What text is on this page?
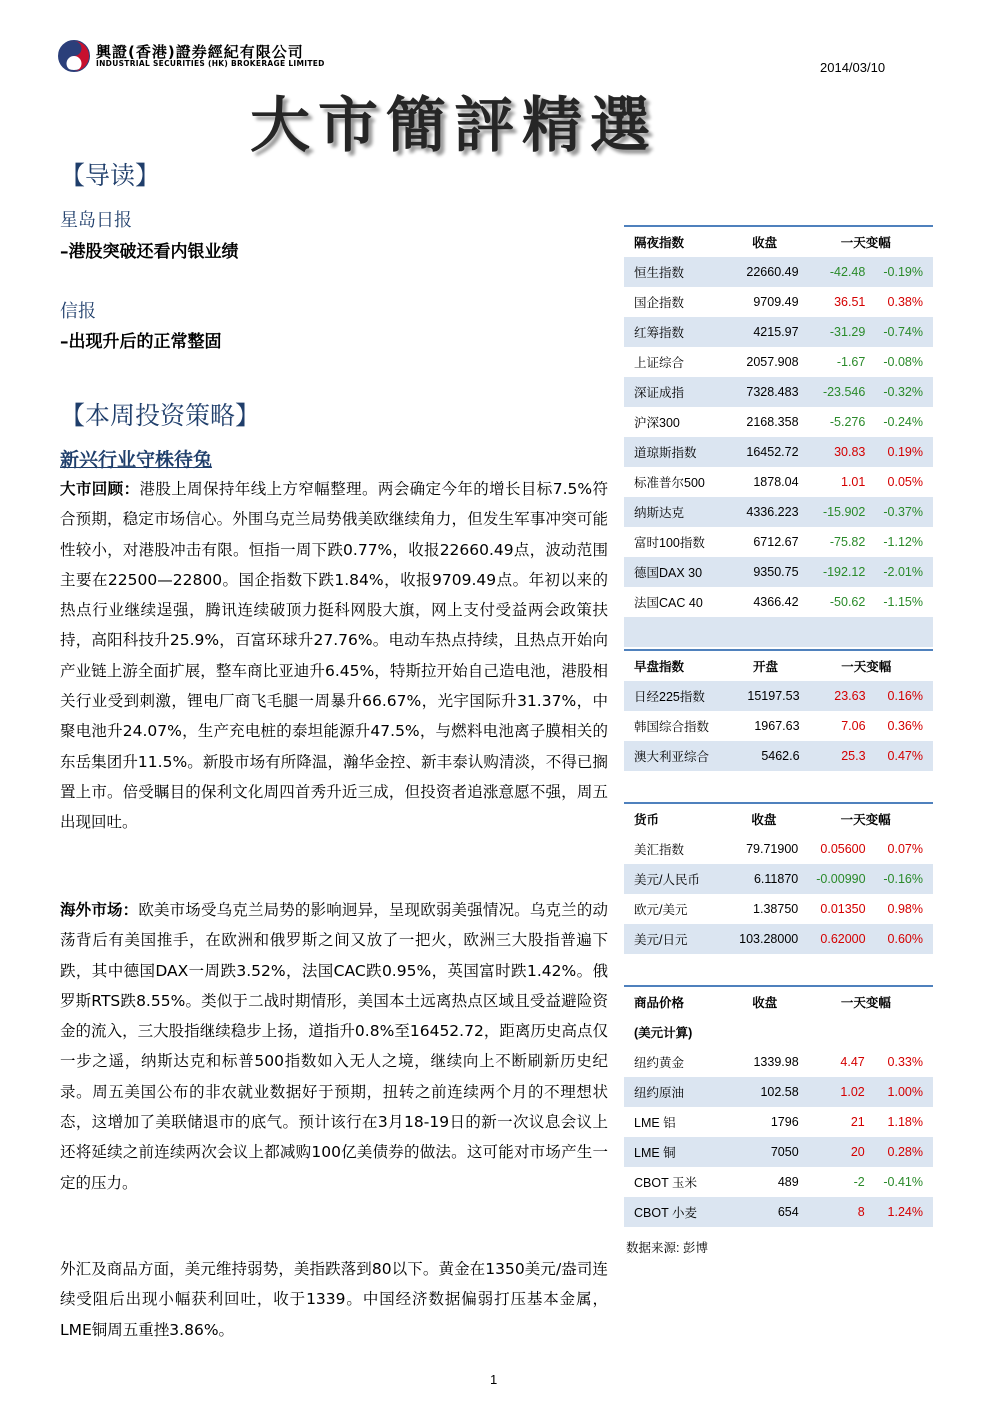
興證(香港)證券經紀有限公司
INDUSTRIAL SECURITIES (HK) BROKERAGE LIMITED	2014/03/10
大市簡評精選
【导读】
星岛日报
–港股突破还看内银业绩
信报
–出现升后的正常整固
【本周投资策略】
新兴行业守株待兔
大市回顾：港股上周保持年线上方窄幅整理。两会确定今年的增长目标7.5%符合预期，稳定市场信心。外围乌克兰局势俄美欧继续角力，但发生军事冲突可能性较小，对港股冲击有限。恒指一周下跌0.77%，收报22660.49点，波动范围主要在22500—22800。国企指数下跌1.84%，收报9709.49点。年初以来的热点行业继续逞强，腾讯连续破顶力挺科网股大旗，网上支付受益两会政策扶持，高阳科技升25.9%，百富环球升27.76%。电动车热点持续，且热点开始向产业链上游全面扩展，整车商比亚迪升6.45%，特斯拉开始自己造电池，港股相关行业受到刺激，锂电厂商飞毛腿一周暴升66.67%，光宇国际升31.37%，中聚电池升24.07%，生产充电桩的泰坦能源升47.5%，与燃料电池离子膜相关的东岳集团升11.5%。新股市场有所降温，瀚华金控、新丰泰认购清淡，不得已搁置上市。倍受瞩目的保利文化周四首秀升近三成，但投资者追涨意愿不强，周五出现回吐。
海外市场：欧美市场受乌克兰局势的影响迥异，呈现欧弱美强情况。乌克兰的动荡背后有美国推手，在欧洲和俄罗斯之间又放了一把火，欧洲三大股指普遍下跌，其中德国DAX一周跌3.52%，法国CAC跌0.95%，英国富时跌1.42%。俄罗斯RTS跌8.55%。类似于二战时期情形，美国本土远离热点区域且受益避险资金的流入，三大股指继续稳步上扬，道指升0.8%至16452.72，距离历史高点仅一步之遥，纳斯达克和标普500指数如入无人之境，继续向上不断刷新历史纪录。周五美国公布的非农就业数据好于预期，扭转之前连续两个月的不理想状态，这增加了美联储退市的底气。预计该行在3月18-19日的新一次议息会议上还将延续之前连续两次会议上都减购100亿美债券的做法。这可能对市场产生一定的压力。
外汇及商品方面，美元维持弱势，美指跌落到80以下。黄金在1350美元/盎司连续受阻后出现小幅获利回吐，收于1339。中国经济数据偏弱打压基本金属，LME铜周五重挫3.86%。
隔夜指数	收盘	一天变幅	
恒生指数	22660.49	-42.48	-0.19%
国企指数	9709.49	36.51	0.38%
红筹指数	4215.97	-31.29	-0.74%
上证综合	2057.908	-1.67	-0.08%
深证成指	7328.483	-23.546	-0.32%
沪深300	2168.358	-5.276	-0.24%
道琼斯指数	16452.72	30.83	0.19%
标准普尔500	1878.04	1.01	0.05%
纳斯达克	4336.223	-15.902	-0.37%
富时100指数	6712.67	-75.82	-1.12%
德国DAX 30	9350.75	-192.12	-2.01%
法国CAC 40	4366.42	-50.62	-1.15%

早盘指数	开盘	一天变幅	
日经225指数	15197.53	23.63	0.16%
韩国综合指数	1967.63	7.06	0.36%
澳大利亚综合	5462.6	25.3	0.47%
货币	收盘	一天变幅	
美汇指数	79.71900	0.05600	0.07%
美元/人民币	6.11870	-0.00990	-0.16%
欧元/美元	1.38750	0.01350	0.98%
美元/日元	103.28000	0.62000	0.60%
商品价格	收盘	一天变幅	
(美元计算)			
纽约黄金	1339.98	4.47	0.33%
纽约原油	102.58	1.02	1.00%
LME 铝	1796	21	1.18%
LME 铜	7050	20	0.28%
CBOT 玉米	489	-2	-0.41%
CBOT 小麦	654	8	1.24%
数据来源: 彭博
1
